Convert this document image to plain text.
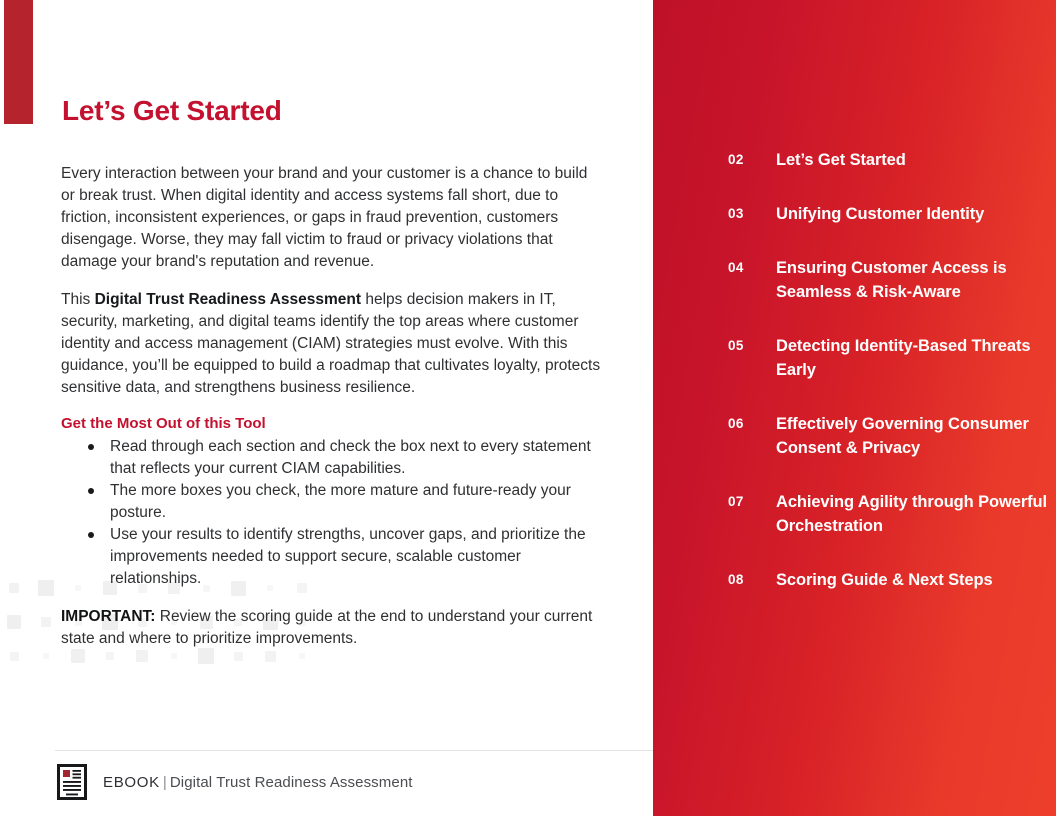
Let’s Get Started

Every interaction between your brand and your customer is a chance to build or break trust. When digital identity and access systems fall short, due to friction, inconsistent experiences, or gaps in fraud prevention, customers disengage. Worse, they may fall victim to fraud or privacy violations that damage your brand's reputation and revenue.

This Digital Trust Readiness Assessment helps decision makers in IT, security, marketing, and digital teams identify the top areas where customer identity and access management (CIAM) strategies must evolve. With this guidance, you’ll be equipped to build a roadmap that cultivates loyalty, protects sensitive data, and strengthens business resilience.

Get the Most Out of this Tool

Read through each section and check the box next to every statement that reflects your current CIAM capabilities.
The more boxes you check, the more mature and future-ready your posture.
Use your results to identify strengths, uncover gaps, and prioritize the improvements needed to support secure, scalable customer relationships.

IMPORTANT: Review the scoring guide at the end to understand your current state and where to prioritize improvements.

EBOOK | Digital Trust Readiness Assessment
02	Let’s Get Started
03	Unifying Customer Identity
04	Ensuring Customer Access is Seamless & Risk-Aware
05	Detecting Identity-Based Threats Early
06	Effectively Governing Consumer Consent & Privacy
07	Achieving Agility through Powerful Orchestration
08	Scoring Guide & Next Steps
